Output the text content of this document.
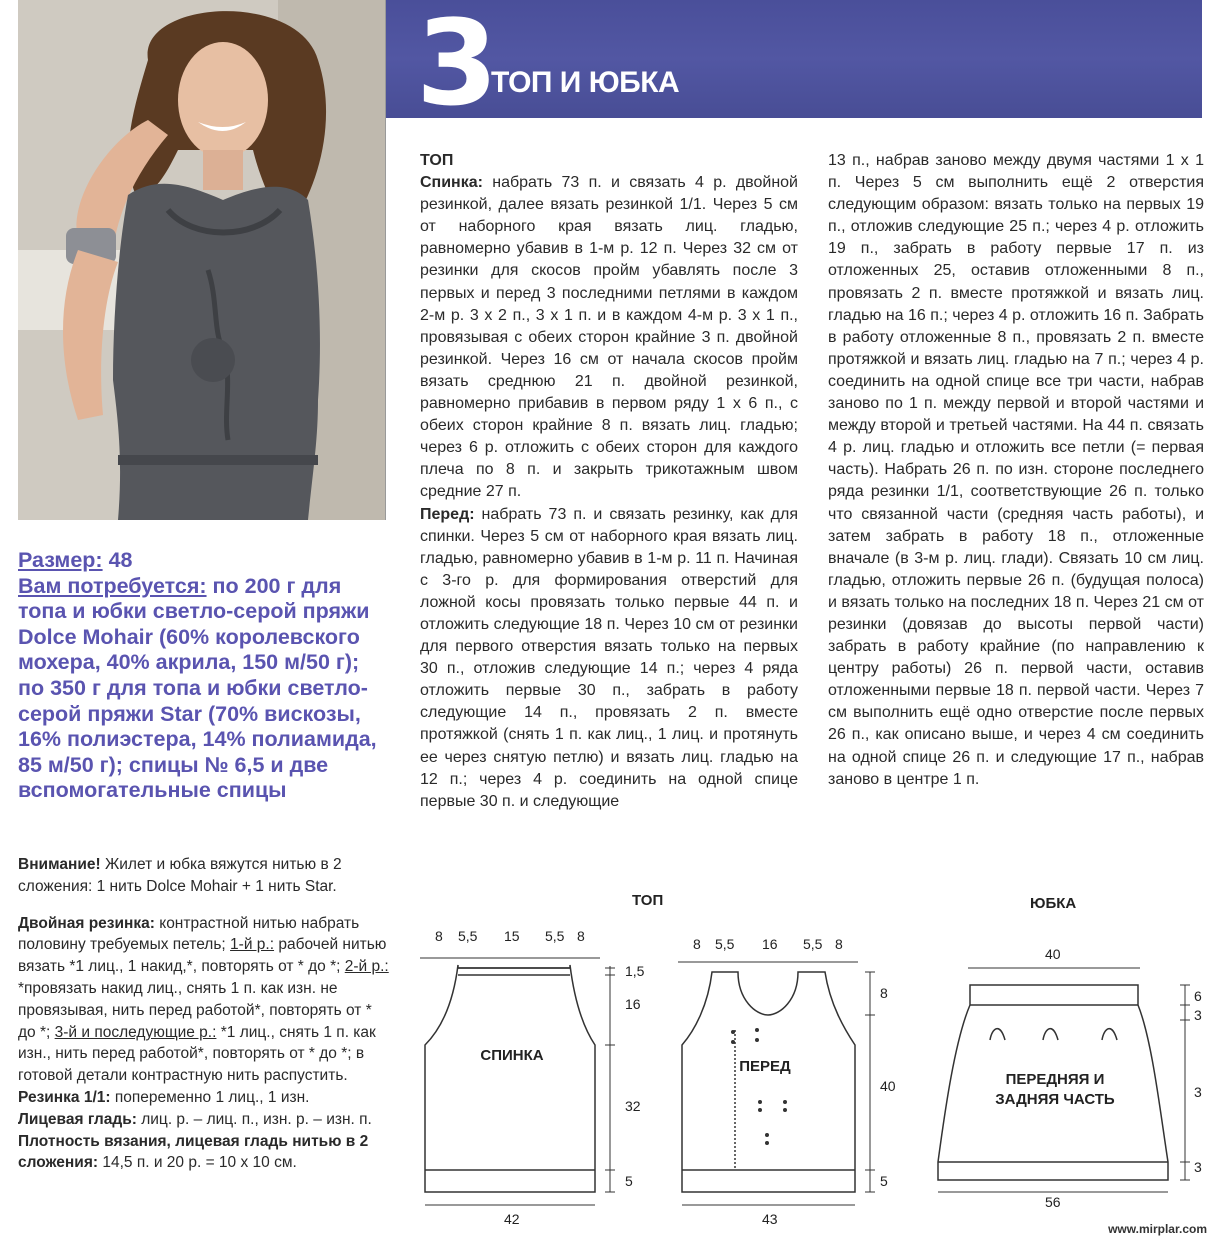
3
ТОП И ЮБКА

ТОП

Спинка: набрать 73 п. и связать 4 р. двойной резинкой, далее вязать резинкой 1/1. Через 5 см от наборного края вязать лиц. гладью, равномерно убавив в 1-м р. 12 п. Через 32 см от резинки для скосов пройм убавлять после 3 первых и перед 3 последними петлями в каждом 2-м р. 3 х 2 п., 3 х 1 п. и в каждом 4-м р. 3 х 1 п., провязывая с обеих сторон крайние 3 п. двойной резинкой. Через 16 см от начала скосов пройм вязать среднюю 21 п. двойной резинкой, равномерно прибавив в первом ряду 1 х 6 п., с обеих сторон крайние 8 п. вязать лиц. гладью; через 6 р. отложить с обеих сторон для каждого плеча по 8 п. и закрыть трикотажным швом средние 27 п.

Перед: набрать 73 п. и связать резинку, как для спинки. Через 5 см от наборного края вязать лиц. гладью, равномерно убавив в 1-м р. 11 п. Начиная с 3-го р. для формирования отверстий для ложной косы провязать только первые 44 п. и отложить следующие 18 п. Через 10 см от резинки для первого отверстия вязать только на первых 30 п., отложив следующие 14 п.; через 4 ряда отложить первые 30 п., забрать в работу следующие 14 п., провязать 2 п. вместе протяжкой (снять 1 п. как лиц., 1 лиц. и протянуть ее через снятую петлю) и вязать лиц. гладью на 12 п.; через 4 р. соединить на одной спице первые 30 п. и следующие

13 п., набрав заново между двумя частями 1 х 1 п. Через 5 см выполнить ещё 2 отверстия следующим образом: вязать только на первых 19 п., отложив следующие 25 п.; через 4 р. отложить 19 п., забрать в работу первые 17 п. из отложенных 25, оставив отложенными 8 п., провязать 2 п. вместе протяжкой и вязать лиц. гладью на 16 п.; через 4 р. отложить 16 п. Забрать в работу отложенные 8 п., провязать 2 п. вместе протяжкой и вязать лиц. гладью на 7 п.; через 4 р. соединить на одной спице все три части, набрав заново по 1 п. между первой и второй частями и между второй и третьей частями. На 44 п. связать 4 р. лиц. гладью и отложить все петли (= первая часть). Набрать 26 п. по изн. стороне последнего ряда резинки 1/1, соответствующие 26 п. только что связанной части (средняя часть работы), и затем забрать в работу 18 п., отложенные вначале (в 3-м р. лиц. глади). Связать 10 см лиц. гладью, отложить первые 26 п. (будущая полоса) и вязать только на последних 18 п. Через 21 см от резинки (довязав до высоты первой части) забрать в работу крайние (по направлению к центру работы) 26 п. первой части, оставив отложенными первые 18 п. первой части. Через 7 см выполнить ещё одно отверстие после первых 26 п., как описано выше, и через 4 см соединить на одной спице 26 п. и следующие 17 п., набрав заново в центре 1 п.

Размер: 48
Вам потребуется: по 200 г для топа и юбки светло-серой пряжи Dolce Mohair (60% королевского мохера, 40% акрила, 150 м/50 г); по 350 г для топа и юбки светло-серой пряжи Star (70% вискозы, 16% полиэстера, 14% полиамида, 85 м/50 г); спицы № 6,5 и две вспомогательные спицы
Внимание! Жилет и юбка вяжутся нитью в 2 сложения: 1 нить Dolce Mohair + 1 нить Star.
Двойная резинка: контрастной нитью набрать половину требуемых петель; 1-й р.: рабочей нитью вязать *1 лиц., 1 накид,*, повторять от * до *; 2-й р.: *провязать накид лиц., снять 1 п. как изн. не провязывая, нить перед работой*, повторять от * до *; 3-й и последующие р.: *1 лиц., снять 1 п. как изн., нить перед работой*, повторять от * до *; в готовой детали контрастную нить распустить.
Резинка 1/1: попеременно 1 лиц., 1 изн.
Лицевая гладь: лиц. р. – лиц. п., изн. р. – изн. п.
Плотность вязания, лицевая гладь нитью в 2 сложения: 14,5 п. и 20 р. = 10 х 10 см.
ТОП	ЮБКА
8 5,5 15 5,5 8
1,5
16
32
5
42
СПИНКА
8 5,5 16 5,5 8
8
40
5
43
ПЕРЕД
40
6
3
3
3
56
ПЕРЕДНЯЯ И
ЗАДНЯЯ ЧАСТЬ
www.mirplar.com
